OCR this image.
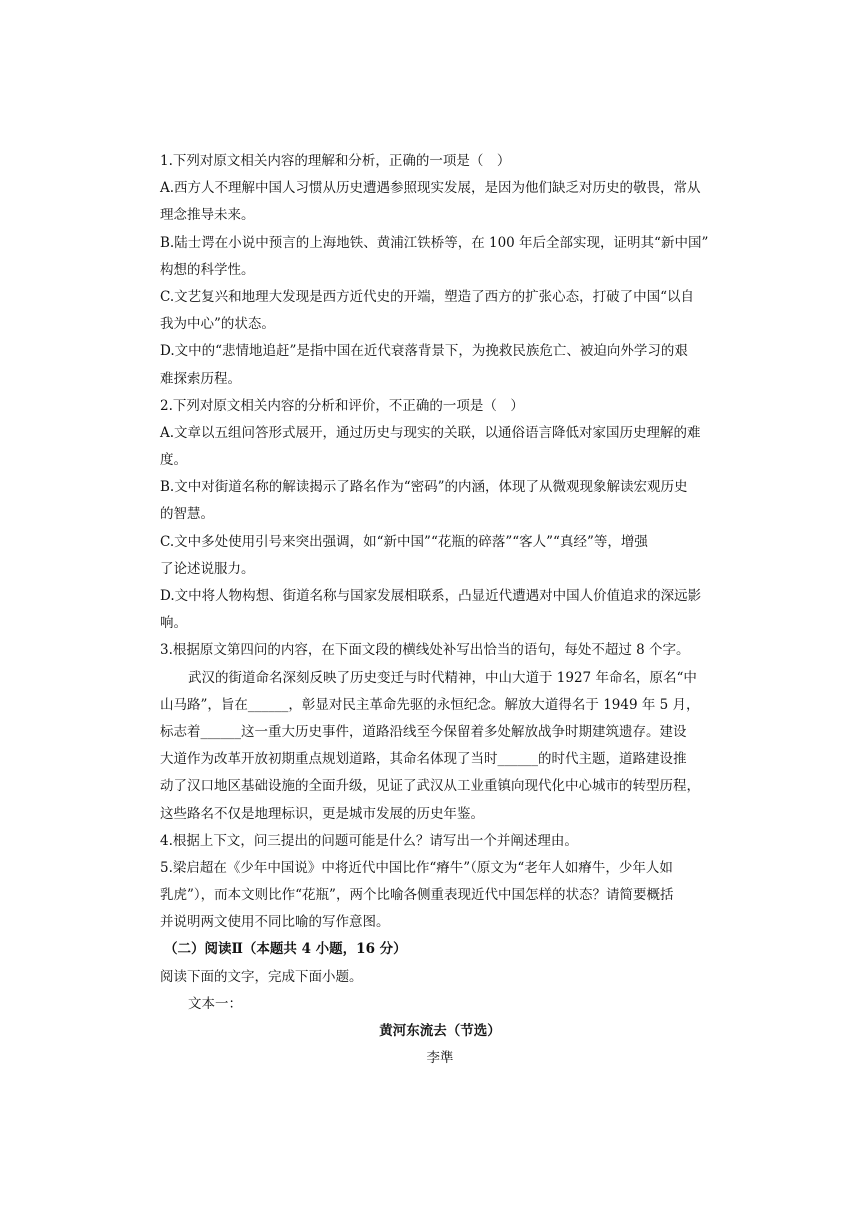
1.下列对原文相关内容的理解和分析，正确的一项是（　）

A.西方人不理解中国人习惯从历史遭遇参照现实发展，是因为他们缺乏对历史的敬畏，常从

理念推导未来。

B.陆士谔在小说中预言的上海地铁、黄浦江铁桥等，在 100 年后全部实现，证明其“新中国”

构想的科学性。

C.文艺复兴和地理大发现是西方近代史的开端，塑造了西方的扩张心态，打破了中国“以自

我为中心”的状态。

D.文中的“悲情地追赶”是指中国在近代衰落背景下，为挽救民族危亡、被迫向外学习的艰

难探索历程。

2.下列对原文相关内容的分析和评价，不正确的一项是（　）

A.文章以五组问答形式展开，通过历史与现实的关联，以通俗语言降低对家国历史理解的难

度。

B.文中对街道名称的解读揭示了路名作为“密码”的内涵，体现了从微观现象解读宏观历史

的智慧。

C.文中多处使用引号来突出强调，如“新中国”“花瓶的碎落”“客人”“真经”等，增强

了论述说服力。

D.文中将人物构想、街道名称与国家发展相联系，凸显近代遭遇对中国人价值追求的深远影

响。

3.根据原文第四问的内容，在下面文段的横线处补写出恰当的语句，每处不超过 8 个字。

武汉的街道命名深刻反映了历史变迁与时代精神，中山大道于 1927 年命名，原名“中

山马路”，旨在______，彰显对民主革命先驱的永恒纪念。解放大道得名于 1949 年 5 月，

标志着______这一重大历史事件，道路沿线至今保留着多处解放战争时期建筑遗存。建设

大道作为改革开放初期重点规划道路，其命名体现了当时______的时代主题，道路建设推

动了汉口地区基础设施的全面升级，见证了武汉从工业重镇向现代化中心城市的转型历程，

这些路名不仅是地理标识，更是城市发展的历史年鉴。

4.根据上下文，问三提出的问题可能是什么？请写出一个并阐述理由。

5.梁启超在《少年中国说》中将近代中国比作“瘠牛”（原文为“老年人如瘠牛，少年人如

乳虎”），而本文则比作“花瓶”，两个比喻各侧重表现近代中国怎样的状态？请简要概括

并说明两文使用不同比喻的写作意图。

（二）阅读Ⅱ（本题共 4 小题，16 分）

阅读下面的文字，完成下面小题。

文本一：

黄河东流去（节选）

李準
